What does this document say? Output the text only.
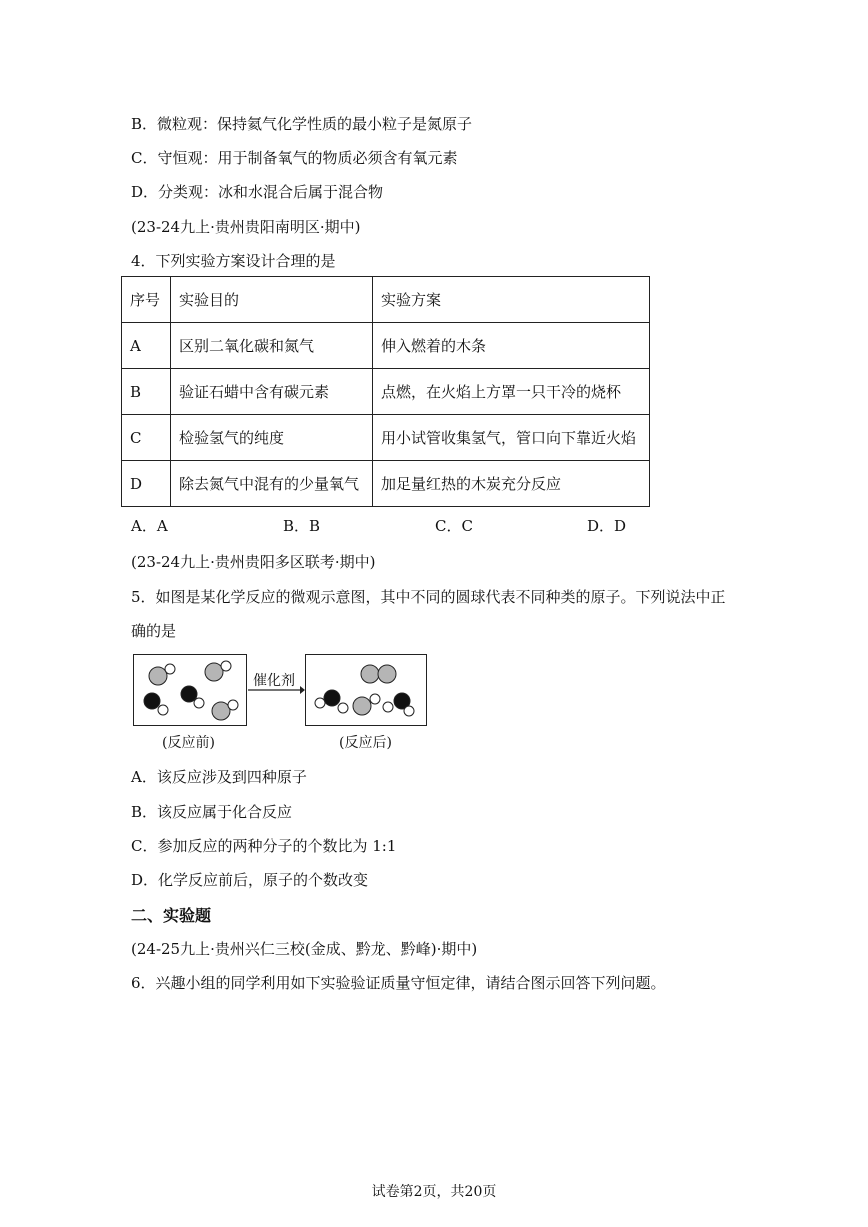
B．微粒观：保持氦气化学性质的最小粒子是氮原子
C．守恒观：用于制备氧气的物质必须含有氧元素
D．分类观：冰和水混合后属于混合物
(23-24九上·贵州贵阳南明区·期中)
4．下列实验方案设计合理的是
序号	实验目的	实验方案
A	区别二氧化碳和氮气	伸入燃着的木条
B	验证石蜡中含有碳元素	点燃，在火焰上方罩一只干冷的烧杯
C	检验氢气的纯度	用小试管收集氢气，管口向下靠近火焰
D	除去氮气中混有的少量氧气	加足量红热的木炭充分反应
A．A	B．B	C．C	D．D
(23-24九上·贵州贵阳多区联考·期中)
5．如图是某化学反应的微观示意图，其中不同的圆球代表不同种类的原子。下列说法中正
确的是
催化剂
(反应前)	(反应后)
A．该反应涉及到四种原子
B．该反应属于化合反应
C．参加反应的两种分子的个数比为 1:1
D．化学反应前后，原子的个数改变
二、实验题
(24-25九上·贵州兴仁三校(金成、黔龙、黔峰)·期中)
6．兴趣小组的同学利用如下实验验证质量守恒定律，请结合图示回答下列问题。
试卷第2页，共20页
